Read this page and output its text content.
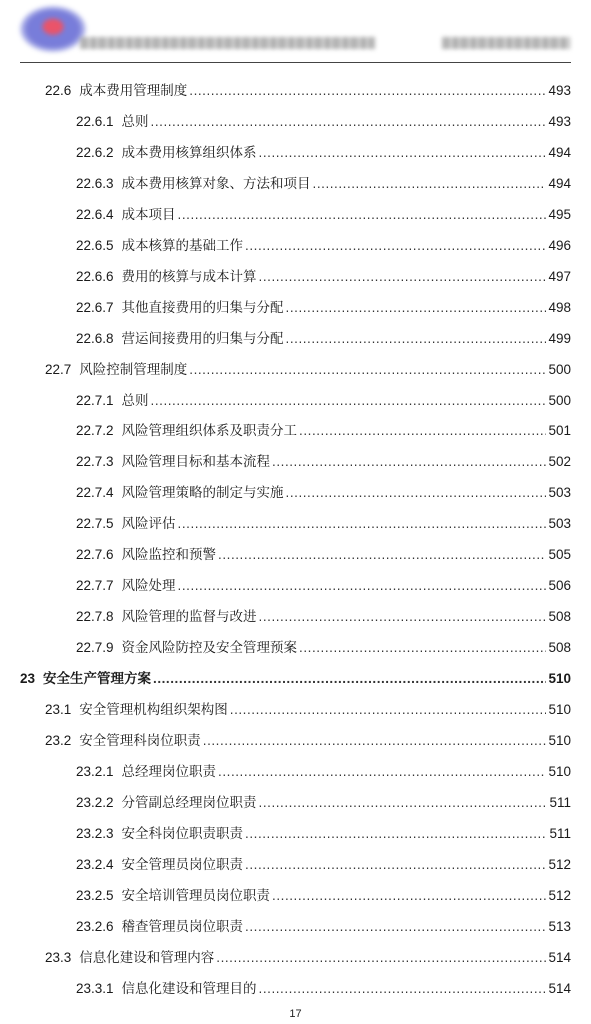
22.6 成本费用管理制度 . . .	493
22.6.1 总则 . . .	493
22.6.2 成本费用核算组织体系 . . .	494
22.6.3 成本费用核算对象、方法和项目 . . .	494
22.6.4 成本项目 . . .	495
22.6.5 成本核算的基础工作 . . .	496
22.6.6 费用的核算与成本计算 . . .	497
22.6.7 其他直接费用的归集与分配 . . .	498
22.6.8 营运间接费用的归集与分配 . . .	499
22.7 风险控制管理制度 . . .	500
22.7.1 总则 . . .	500
22.7.2 风险管理组织体系及职责分工 . . .	501
22.7.3 风险管理目标和基本流程 . . .	502
22.7.4 风险管理策略的制定与实施 . . .	503
22.7.5 风险评估 . . .	503
22.7.6 风险监控和预警 . . .	505
22.7.7 风险处理 . . .	506
22.7.8 风险管理的监督与改进 . . .	508
22.7.9 资金风险防控及安全管理预案 . . .	508
23 安全生产管理方案 . . .	510
23.1 安全管理机构组织架构图 . . .	510
23.2 安全管理科岗位职责 . . .	510
23.2.1 总经理岗位职责 . . .	510
23.2.2 分管副总经理岗位职责 . . .	511
23.2.3 安全科岗位职责职责 . . .	511
23.2.4 安全管理员岗位职责 . . .	512
23.2.5 安全培训管理员岗位职责 . . .	512
23.2.6 稽查管理员岗位职责 . . .	513
23.3 信息化建设和管理内容 . . .	514
23.3.1 信息化建设和管理目的 . . .	514
17
